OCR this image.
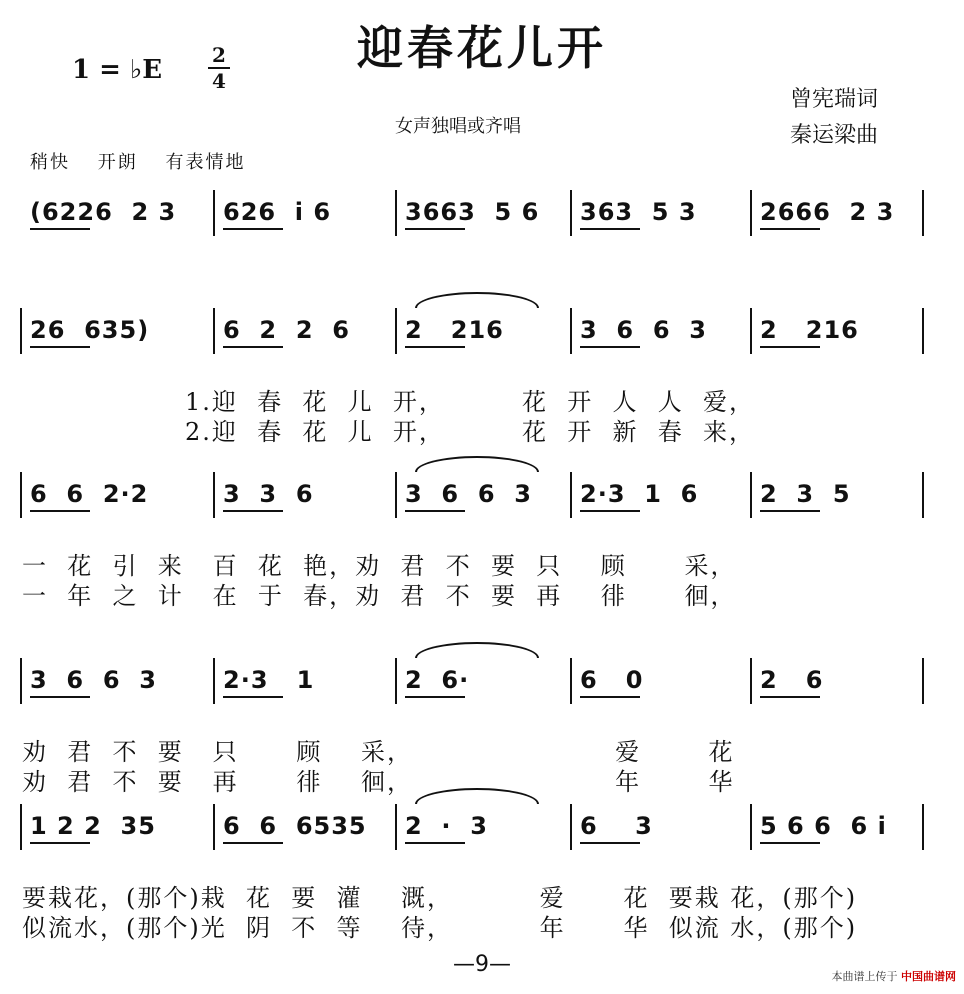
迎春花儿开
1 = ♭E 2
4
女声独唱或齐唱
曾宪瑞词
秦运梁曲
稍快 开朗 有表情地
(6226  2 3 626  i 6	3663  5 6 363  5 3	2666  2 3
26  635)	6  2  2  6 2   216	3  6  6  3 2   216
1.迎  春  花  儿  开，        花  开  人  人  爱，
2.迎  春  花  儿  开，        花  开  新  春  来，
6  6  2·2	3  3  6	3  6  6  3 2·3  1  6	2  3  5
一  花  引  来   百  花  艳，劝  君  不  要  只    顾      采，
一  年  之  计   在  于  春，劝  君  不  要  再    徘      徊，
3  6  6  3	2·3   1	2  6·	6   0	2   6
劝  君  不  要   只      顾    采，                     爱       花
劝  君  不  要   再      徘    徊，                     年       华
1 2 2  35	6  6  6535 2  ·  3	6    3	5 6 6  6 i
要栽花，(那个)栽  花  要  灌    溉，         爱      花  要栽 花，(那个)
似流水，(那个)光  阴  不  等    待，         年      华  似流 水，(那个)
—9—	本曲谱上传于 中国曲谱网
